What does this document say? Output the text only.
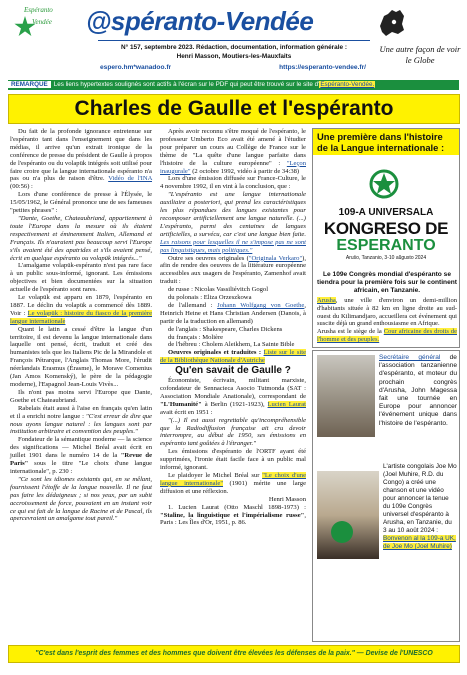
Espéranto
Vendée @spéranto-Vendée
Une autre façon de voir le Globe
N° 157, septembre 2023. Rédaction, documentation, information générale :
Henri Masson, Moutiers-les-Mauxfaits
espero.hm*wanadoo.fr	https://esperanto-vendee.fr/
REMARQUE Les liens hypertextes soulignés sont actifs à l'écran sur le PDF qui peut être trouvé sur le site d'Espéranto-Vendée.
Charles de Gaulle et l'espéranto

Du fait de la profonde ignorance entretenue sur l'espéranto tant dans l'enseignement que dans les médias, il arrive qu'un extrait ironique de la conférence de presse du président de Gaulle à propos de l'espéranto ou du volapük intégrés soit utilisé pour faire croire que la langue internationale espéranto n'a pas ou n'a plus de raison d'être. Vidéo de l'INA (00:56) :

Lors d'une conférence de presse à l'Élysée, le 15/05/1962, le Général prononce une de ses fameuses "petites phrases" :

"Dante, Goethe, Chateaubriand, appartiennent à toute l'Europe dans la mesure où ils étaient respectivement et éminemment Italien, Allemand et Français. Ils n'auraient pas beaucoup servi l'Europe s'ils avaient été des apatrides et s'ils avaient pensé, écrit en quelque espéranto ou volapük intégrés..."

L'amalgame volapük-espéranto n'est pas rare face à un public sous-informé, ignorant. Les émissions objectives et bien documentées sur la situation actuelle de l'espéranto sont rares.

Le volapük est apparu en 1879, l'espéranto en 1887. Le déclin du volapük a commencé dès 1889. Voir : Le volapük : histoire du fiasco de la première langue internationale

Quant le latin a cessé d'être la langue d'un territoire, il est devenu la langue internationale dans laquelle ont pensé, écrit, traduit et créé des humanistes tels que les Italiens Pic de la Mirandole et François Pétrarque, l'Anglais Thomas More, l'érudit néerlandais Erasmus (Érasme), le Morave Comenius (Jan Amos Komenský), le père de la pédagogie moderne), l'Espagnol Jean-Louis Vivès...

Ils n'ont pas moins servi l'Europe que Dante, Goethe et Chateaubriand.

Rabelais était aussi à l'aise en français qu'en latin et il a enrichi notre langue : "C'est erreur de dire que nous ayons langue naturel : les langues sont par institution arbitraire et convention des peuples."

Fondateur de la sémantique moderne — la science des significations — Michel Bréal avait écrit en juillet 1901 dans le numéro 14 de la "Revue de Paris" sous le titre "Le choix d'une langue internationale", p. 230 :

"Ce sont les idiomes existants qui, en se mêlant, fournissent l'étoffe de la langue nouvelle. Il ne faut pas faire les dédaigneux ; si nos yeux, par un subit accroissement de force, pouvaient en un instant voir ce qui est fait de la langue de Racine et de Pascal, ils apercevraient un amalgame tout pareil."

Après avoir reconnu s'être moqué de l'espéranto, le professeur Umberto Eco avait été amené à l'étudier pour préparer un cours au Collège de France sur le thème de "La quête d'une langue parfaite dans l'histoire de la culture européenne" : "Leçon inaugurale" (2 octobre 1992, vidéo à partir de 34:38)

Lors d'une émission diffusée sur France-Culture, le 4 novembre 1992, il en vint à la conclusion, que :

"L'espéranto est une langue internationale auxiliaire a posteriori, qui prend les caractéristiques les plus répandues des langues existantes pour recomposer artificiellement une langue naturelle. (...) L'espéranto, parmi des centaines de langues artificielles, a survécu, car c'est une langue bien faite. Les raisons pour lesquelles il ne s'impose pas ne sont pas linguistiques, mais politiques."

Outre ses oeuvres originales ("Originala Verkaro"), afin de rendre des oeuvres de la littérature européenne accessibles aux usagers de l'espéranto, Zamenhof avait traduit :

de russe : Nicolas Vassiliévitch Gogol

du polonais : Eliza Orzeszkowa

de l'allemand : Johann Wolfgang von Goethe, Heinrich Heine et Hans Christian Andersen (Danois, à partir de la traduction en allemand)

de l'anglais : Shakespeare, Charles Dickens

du français : Molière

de l'hébreu : Cholem Aleikhem, La Sainte Bible

Oeuvres originales et traduites : Liste sur le site de la Bibliothèque Nationale d'Autriche

Qu'en savait de Gaulle ?

Économiste, écrivain, militant marxiste, cofondateur de Sennacieca Asocio Tutmonda (SAT : Association Mondiale Anationale), correspondant de "L'Humanité" à Berlin (1921-1923), Lucien Laurat avait écrit en 1951 :

"(...) Il est aussi regrettable qu'incompréhensible que la Radiodiffusion française ait cru devoir interrompre, au début de 1950, ses émissions en espéranto tant goûtées à l'étranger."

Les émissions d'espéranto de l'ORTF ayant été supprimées, l'ironie était facile face à un public mal informé, ignorant.

Le plaidoyer le Michel Bréal sur "Le choix d'une langue internationale" (1901) mérite une large diffusion et une réflexion.

Henri Masson

1. Lucien Laurat (Otto Maschl 1898-1973) : "Staline, la linguistique et l'impérialisme russe", Paris : Les Îles d'Or, 1951, p. 86.

Une première dans l'histoire de la Langue internationale :
109-A UNIVERSALA
KONGRESO DE
ESPERANTO
Aruŝo, Tanzanio, 3-10 aŭgusto 2024
Le 109e Congrès mondial d'espéranto se tiendra pour la première fois sur le continent africain, en Tanzanie.
Arusha, une ville d'environ un demi-million d'habitants située à 82 km en ligne droite au sud-ouest du Kilimandjaro, accueillera cet événement qui suscite déjà un grand enthousiasme en Afrique.
Arusha est le siège de la Cour africaine des droits de l'homme et des peuples.
Secrétaire général de l'association tanzanienne d'espéranto, et moteur du prochain congrès d'Arusha, John Magessa fait une tournée en Europe pour annoncer l'événement unique dans l'histoire de l'espéranto.
L'artiste congolais Joe Mo (Joel Muhire, R.D. du Congo) a créé une chanson et une vidéo pour annoncer la tenue du 109e Congrès universel d'espéranto à Arusha, en Tanzanie, du 3 au 10 août 2024 : Bonvenon al la 109-a UK, de Joe Mo (Joel Muhire)
"C'est dans l'esprit des femmes et des hommes que doivent être élevées les défenses de la paix." — Devise de l'UNESCO
